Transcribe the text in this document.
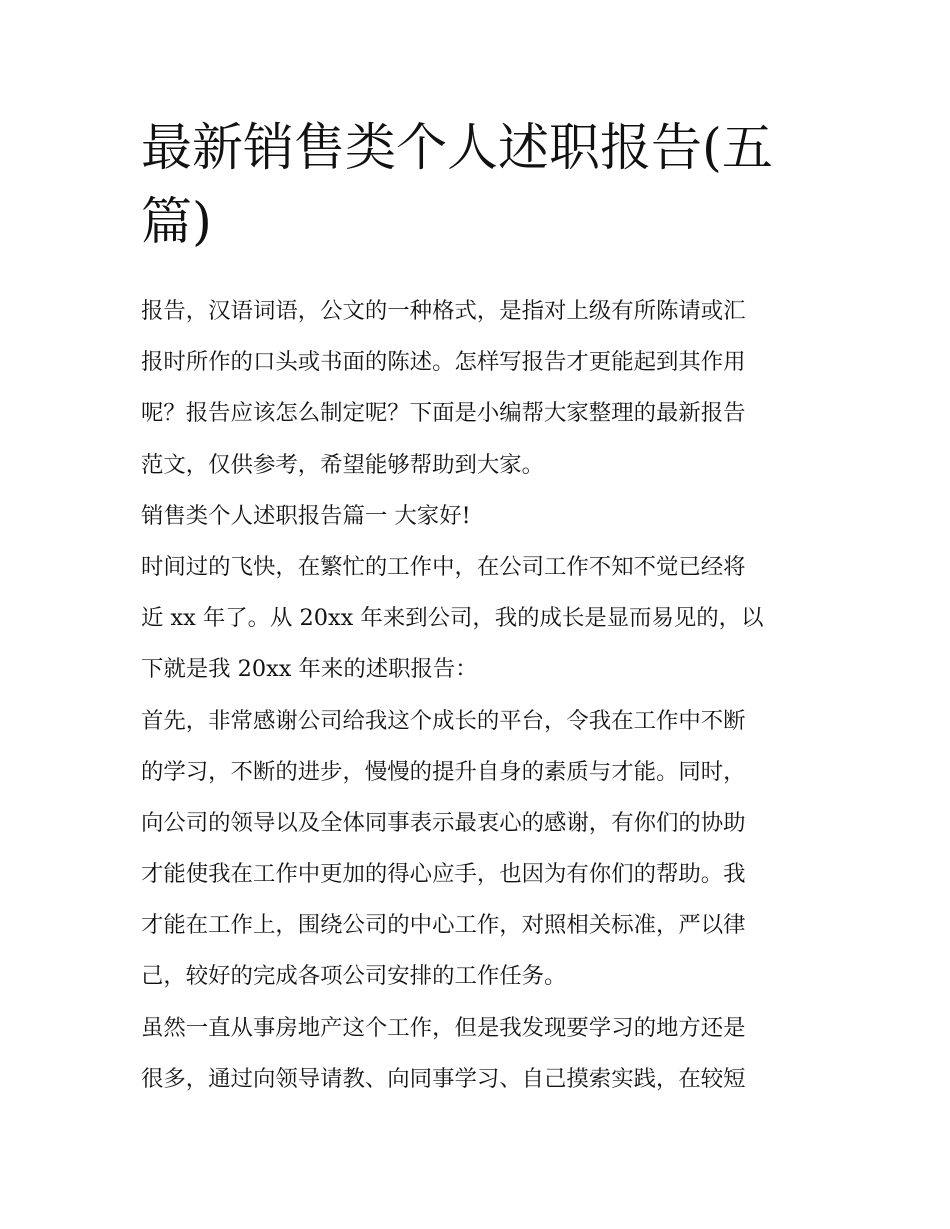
最新销售类个人述职报告(五
篇)
报告，汉语词语，公文的一种格式，是指对上级有所陈请或汇
报时所作的口头或书面的陈述。怎样写报告才更能起到其作用
呢？报告应该怎么制定呢？下面是小编帮大家整理的最新报告
范文，仅供参考，希望能够帮助到大家。
销售类个人述职报告篇一 大家好!
时间过的飞快，在繁忙的工作中，在公司工作不知不觉已经将
近 xx 年了。从 20xx 年来到公司，我的成长是显而易见的，以
下就是我 20xx 年来的述职报告：
首先，非常感谢公司给我这个成长的平台，令我在工作中不断
的学习，不断的进步，慢慢的提升自身的素质与才能。同时，
向公司的领导以及全体同事表示最衷心的感谢，有你们的协助
才能使我在工作中更加的得心应手，也因为有你们的帮助。我
才能在工作上，围绕公司的中心工作，对照相关标准，严以律
己，较好的完成各项公司安排的工作任务。
虽然一直从事房地产这个工作，但是我发现要学习的地方还是
很多，通过向领导请教、向同事学习、自己摸索实践，在较短
